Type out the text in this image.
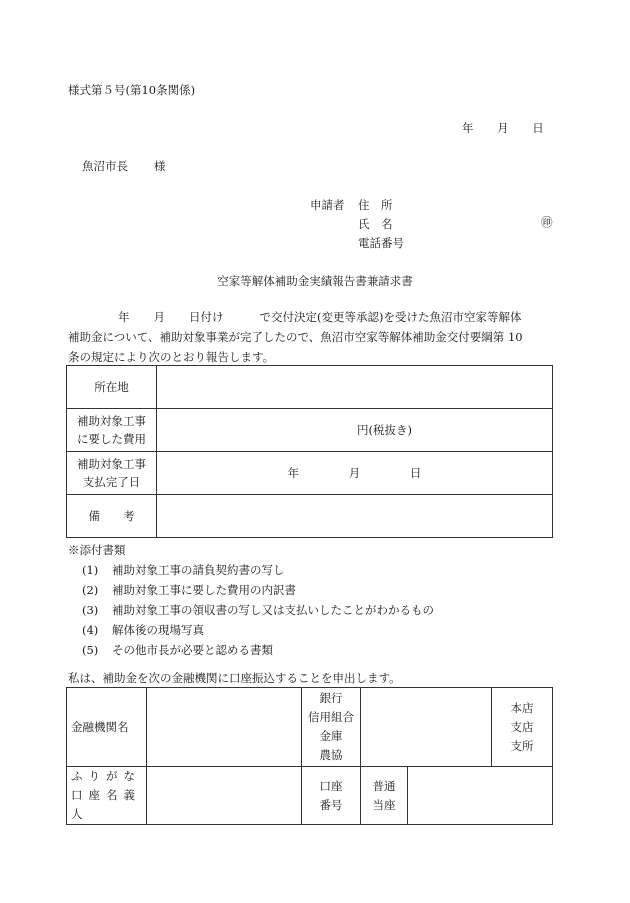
様式第５号(第10条関係)
年 月 日
魚沼市長 様
申請者 住　所
氏　名
電話番号
㊞
空家等解体補助金実績報告書兼請求書
年 月 日付け	で交付決定(変更等承認)を受けた魚沼市空家等解体
補助金について、補助対象事業が完了したので、魚沼市空家等解体補助金交付要綱第 10
条の規定により次のとおり報告します。
所在地	
補助対象工事
に要した費用	円(税抜き)
補助対象工事
支払完了日	年 月 日
備　　考	
※添付書類
(1) 補助対象工事の請負契約書の写し
(2) 補助対象工事に要した費用の内訳書
(3) 補助対象工事の領収書の写し又は支払いしたことがわかるもの
(4) 解体後の現場写真
(5) その他市長が必要と認める書類
私は、補助金を次の金融機関に口座振込することを申出します。
金融機関名		銀行
信用組合
金庫
農協			本店
支店
支所
ふりがな
口座名義人		口座
番号	普通
当座		
